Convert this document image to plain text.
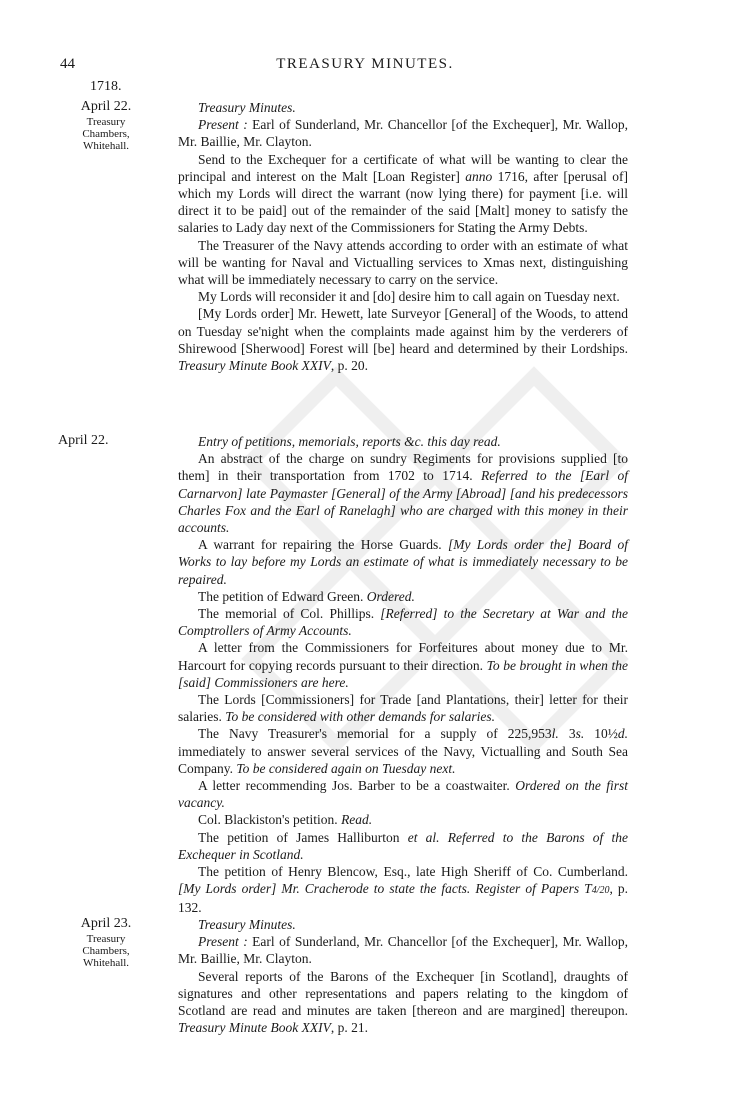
44	TREASURY MINUTES.
1718.
April 22.
Treasury
Chambers,
Whitehall.

Treasury Minutes.

Present : Earl of Sunderland, Mr. Chancellor [of the Exchequer], Mr. Wallop, Mr. Baillie, Mr. Clayton.

Send to the Exchequer for a certificate of what will be wanting to clear the principal and interest on the Malt [Loan Register] anno 1716, after [perusal of] which my Lords will direct the warrant (now lying there) for payment [i.e. will direct it to be paid] out of the remainder of the said [Malt] money to satisfy the salaries to Lady day next of the Commissioners for Stating the Army Debts.

The Treasurer of the Navy attends according to order with an estimate of what will be wanting for Naval and Victualling services to Xmas next, distinguishing what will be immediately necessary to carry on the service.

My Lords will reconsider it and [do] desire him to call again on Tuesday next.

[My Lords order] Mr. Hewett, late Surveyor [General] of the Woods, to attend on Tuesday se'night when the complaints made against him by the verderers of Shirewood [Sherwood] Forest will [be] heard and determined by their Lordships. Treasury Minute Book XXIV, p. 20.

April 22.	Entry of petitions, memorials, reports &c. this day read.

An abstract of the charge on sundry Regiments for provisions supplied [to them] in their transportation from 1702 to 1714. Referred to the [Earl of Carnarvon] late Paymaster [General] of the Army [Abroad] [and his predecessors Charles Fox and the Earl of Ranelagh] who are charged with this money in their accounts.

A warrant for repairing the Horse Guards. [My Lords order the] Board of Works to lay before my Lords an estimate of what is immediately necessary to be repaired.

The petition of Edward Green. Ordered.

The memorial of Col. Phillips. [Referred] to the Secretary at War and the Comptrollers of Army Accounts.

A letter from the Commissioners for Forfeitures about money due to Mr. Harcourt for copying records pursuant to their direction. To be brought in when the [said] Commissioners are here.

The Lords [Commissioners] for Trade [and Plantations, their] letter for their salaries. To be considered with other demands for salaries.

The Navy Treasurer's memorial for a supply of 225,953l. 3s. 10½d. immediately to answer several services of the Navy, Victualling and South Sea Company. To be considered again on Tuesday next.

A letter recommending Jos. Barber to be a coastwaiter. Ordered on the first vacancy.

Col. Blackiston's petition. Read.

The petition of James Halliburton et al. Referred to the Barons of the Exchequer in Scotland.

The petition of Henry Blencow, Esq., late High Sheriff of Co. Cumberland. [My Lords order] Mr. Cracherode to state the facts. Register of Papers T4/20, p. 132.

April 23.
Treasury
Chambers,
Whitehall.

Treasury Minutes.

Present : Earl of Sunderland, Mr. Chancellor [of the Exchequer], Mr. Wallop, Mr. Baillie, Mr. Clayton.

Several reports of the Barons of the Exchequer [in Scotland], draughts of signatures and other representations and papers relating to the kingdom of Scotland are read and minutes are taken [thereon and are margined] thereupon. Treasury Minute Book XXIV, p. 21.
